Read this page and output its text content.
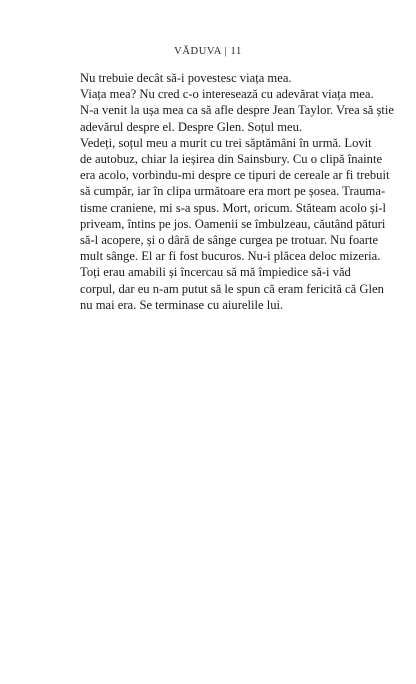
VĂDUVA | 11

Nu trebuie decât să-i povestesc viața mea.

Viața mea? Nu cred c-o interesează cu adevărat viața mea.
N-a venit la ușa mea ca să afle despre Jean Taylor. Vrea să știe
adevărul despre el. Despre Glen. Soțul meu.

Vedeți, soțul meu a murit cu trei săptămâni în urmă. Lovit
de autobuz, chiar la ieșirea din Sainsbury. Cu o clipă înainte
era acolo, vorbindu-mi despre ce tipuri de cereale ar fi trebuit
să cumpăr, iar în clipa următoare era mort pe șosea. Trauma-
tisme craniene, mi s-a spus. Mort, oricum. Stăteam acolo și-l
priveam, întins pe jos. Oamenii se îmbulzeau, căutând pături
să-l acopere, și o dâră de sânge curgea pe trotuar. Nu foarte
mult sânge. El ar fi fost bucuros. Nu-i plăcea deloc mizeria.

Toți erau amabili și încercau să mă împiedice să-i văd
corpul, dar eu n-am putut să le spun că eram fericită că Glen
nu mai era. Se terminase cu aiurelile lui.
